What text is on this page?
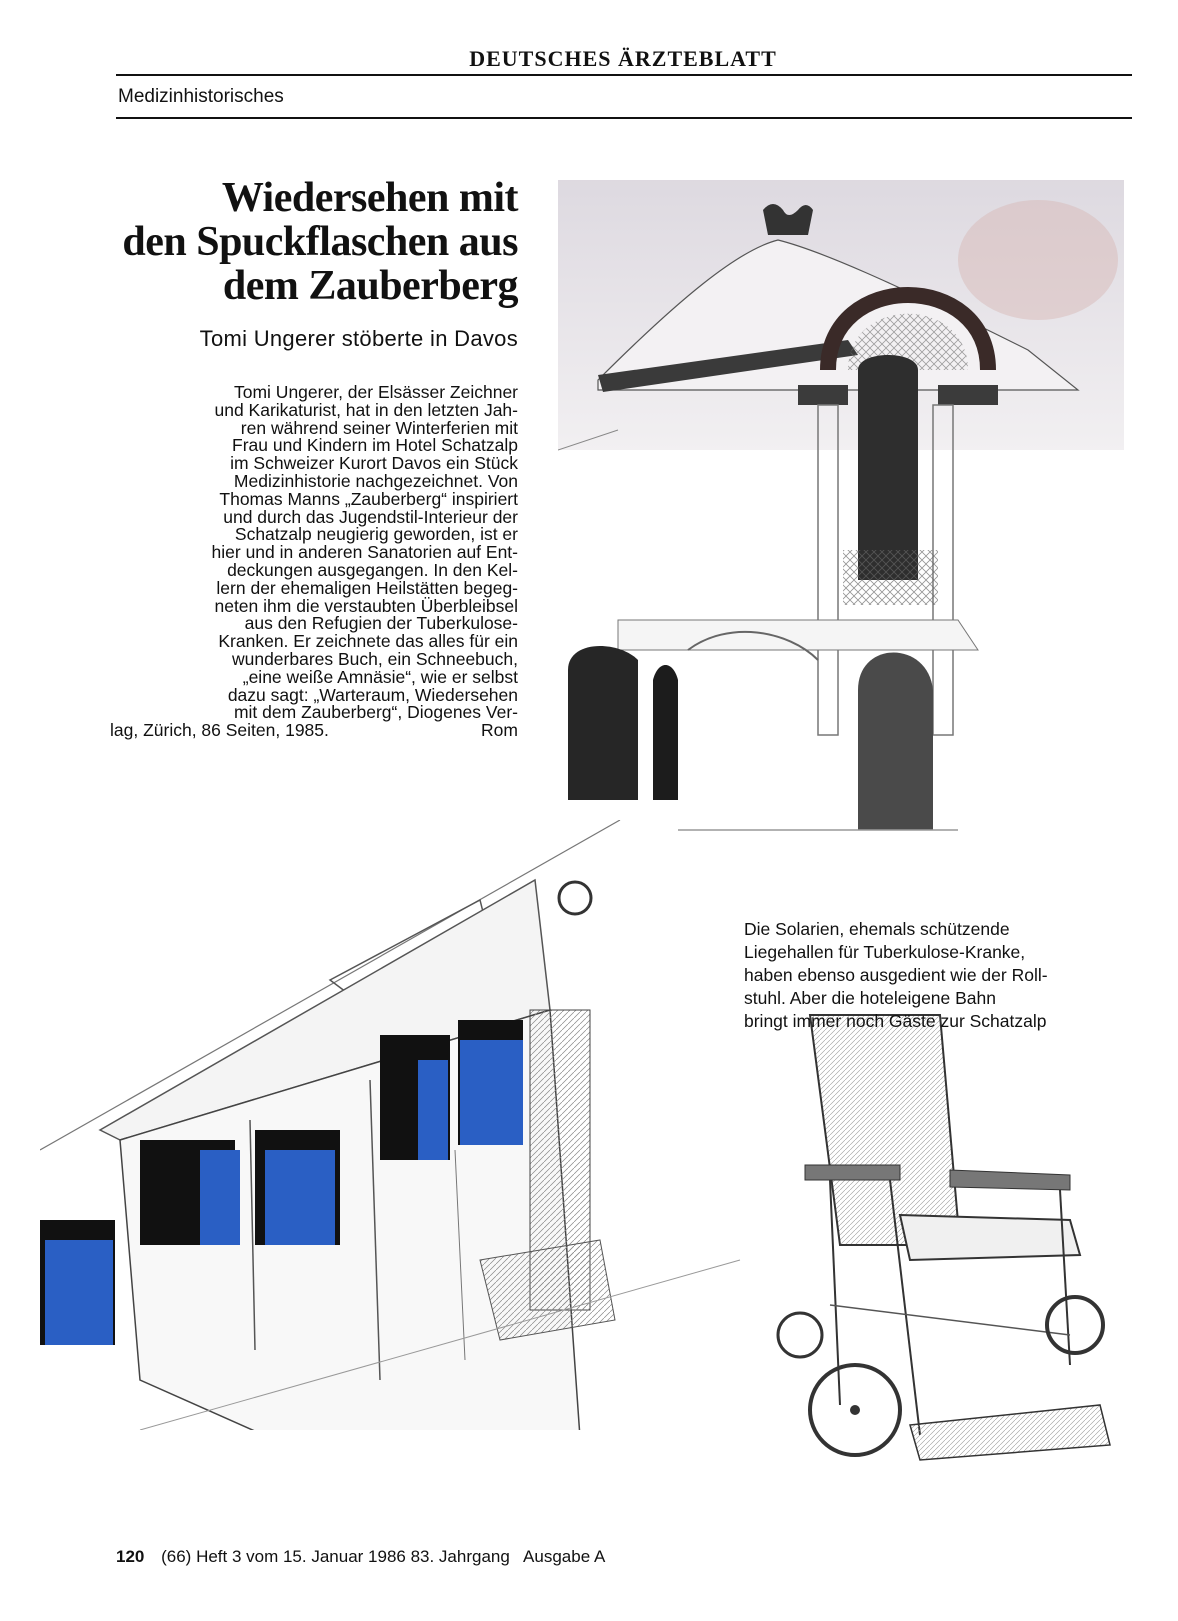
DEUTSCHES ÄRZTEBLATT
Medizinhistorisches
Wiedersehen mit
den Spuckflaschen aus
dem Zauberberg
Tomi Ungerer stöberte in Davos
Tomi Ungerer, der Elsässer Zeichner
und Karikaturist, hat in den letzten Jah-
ren während seiner Winterferien mit
Frau und Kindern im Hotel Schatzalp
im Schweizer Kurort Davos ein Stück
Medizinhistorie nachgezeichnet. Von
Thomas Manns „Zauberberg“ inspiriert
und durch das Jugendstil-Interieur der
Schatzalp neugierig geworden, ist er
hier und in anderen Sanatorien auf Ent-
deckungen ausgegangen. In den Kel-
lern der ehemaligen Heilstätten begeg-
neten ihm die verstaubten Überbleibsel
aus den Refugien der Tuberkulose-
Kranken. Er zeichnete das alles für ein
wunderbares Buch, ein Schneebuch,
„eine weiße Amnäsie“, wie er selbst
dazu sagt: „Warteraum, Wiedersehen
mit dem Zauberberg“, Diogenes Ver-
lag, Zürich, 86 Seiten, 1985.	Rom
Die Solarien, ehemals schützende
Liegehallen für Tuberkulose-Kranke,
haben ebenso ausgedient wie der Roll-
stuhl. Aber die hoteleigene Bahn
bringt immer noch Gäste zur Schatzalp
120 (66) Heft 3 vom 15. Januar 1986 83. Jahrgang   Ausgabe A
